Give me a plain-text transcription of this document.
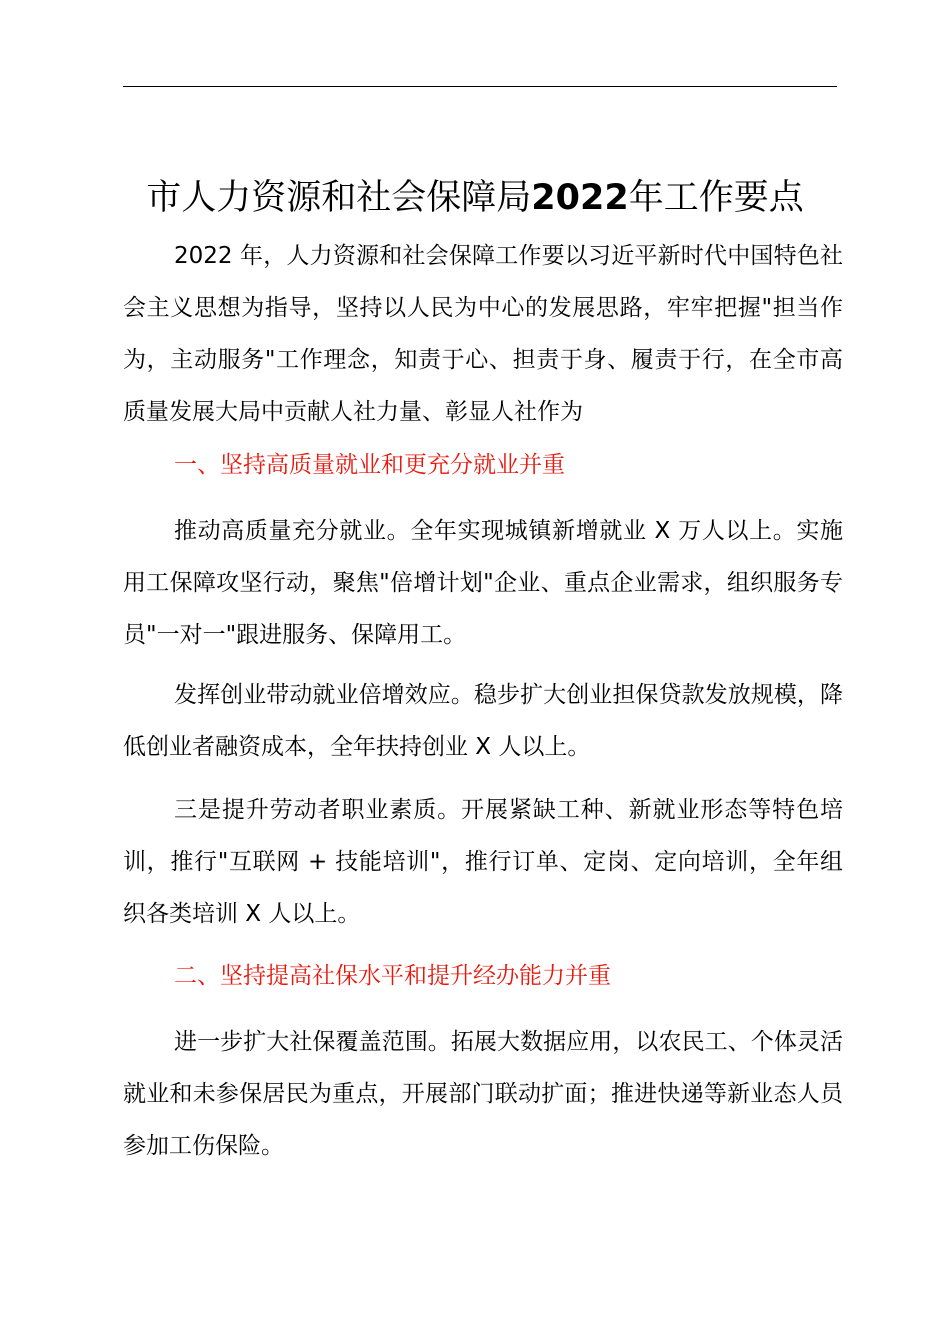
市人力资源和社会保障局2022年工作要点

2022 年，人力资源和社会保障工作要以习近平新时代中国特色社会主义思想为指导，坚持以人民为中心的发展思路，牢牢把握"担当作为，主动服务"工作理念，知责于心、担责于身、履责于行，在全市高质量发展大局中贡献人社力量、彰显人社作为

一、坚持高质量就业和更充分就业并重

推动高质量充分就业。全年实现城镇新增就业 X 万人以上。实施用工保障攻坚行动，聚焦"倍增计划"企业、重点企业需求，组织服务专员"一对一"跟进服务、保障用工。

发挥创业带动就业倍增效应。稳步扩大创业担保贷款发放规模，降低创业者融资成本，全年扶持创业 X 人以上。

三是提升劳动者职业素质。开展紧缺工种、新就业形态等特色培训，推行"互联网 + 技能培训"，推行订单、定岗、定向培训，全年组织各类培训 X 人以上。

二、坚持提高社保水平和提升经办能力并重

进一步扩大社保覆盖范围。拓展大数据应用，以农民工、个体灵活就业和未参保居民为重点，开展部门联动扩面；推进快递等新业态人员参加工伤保险。
